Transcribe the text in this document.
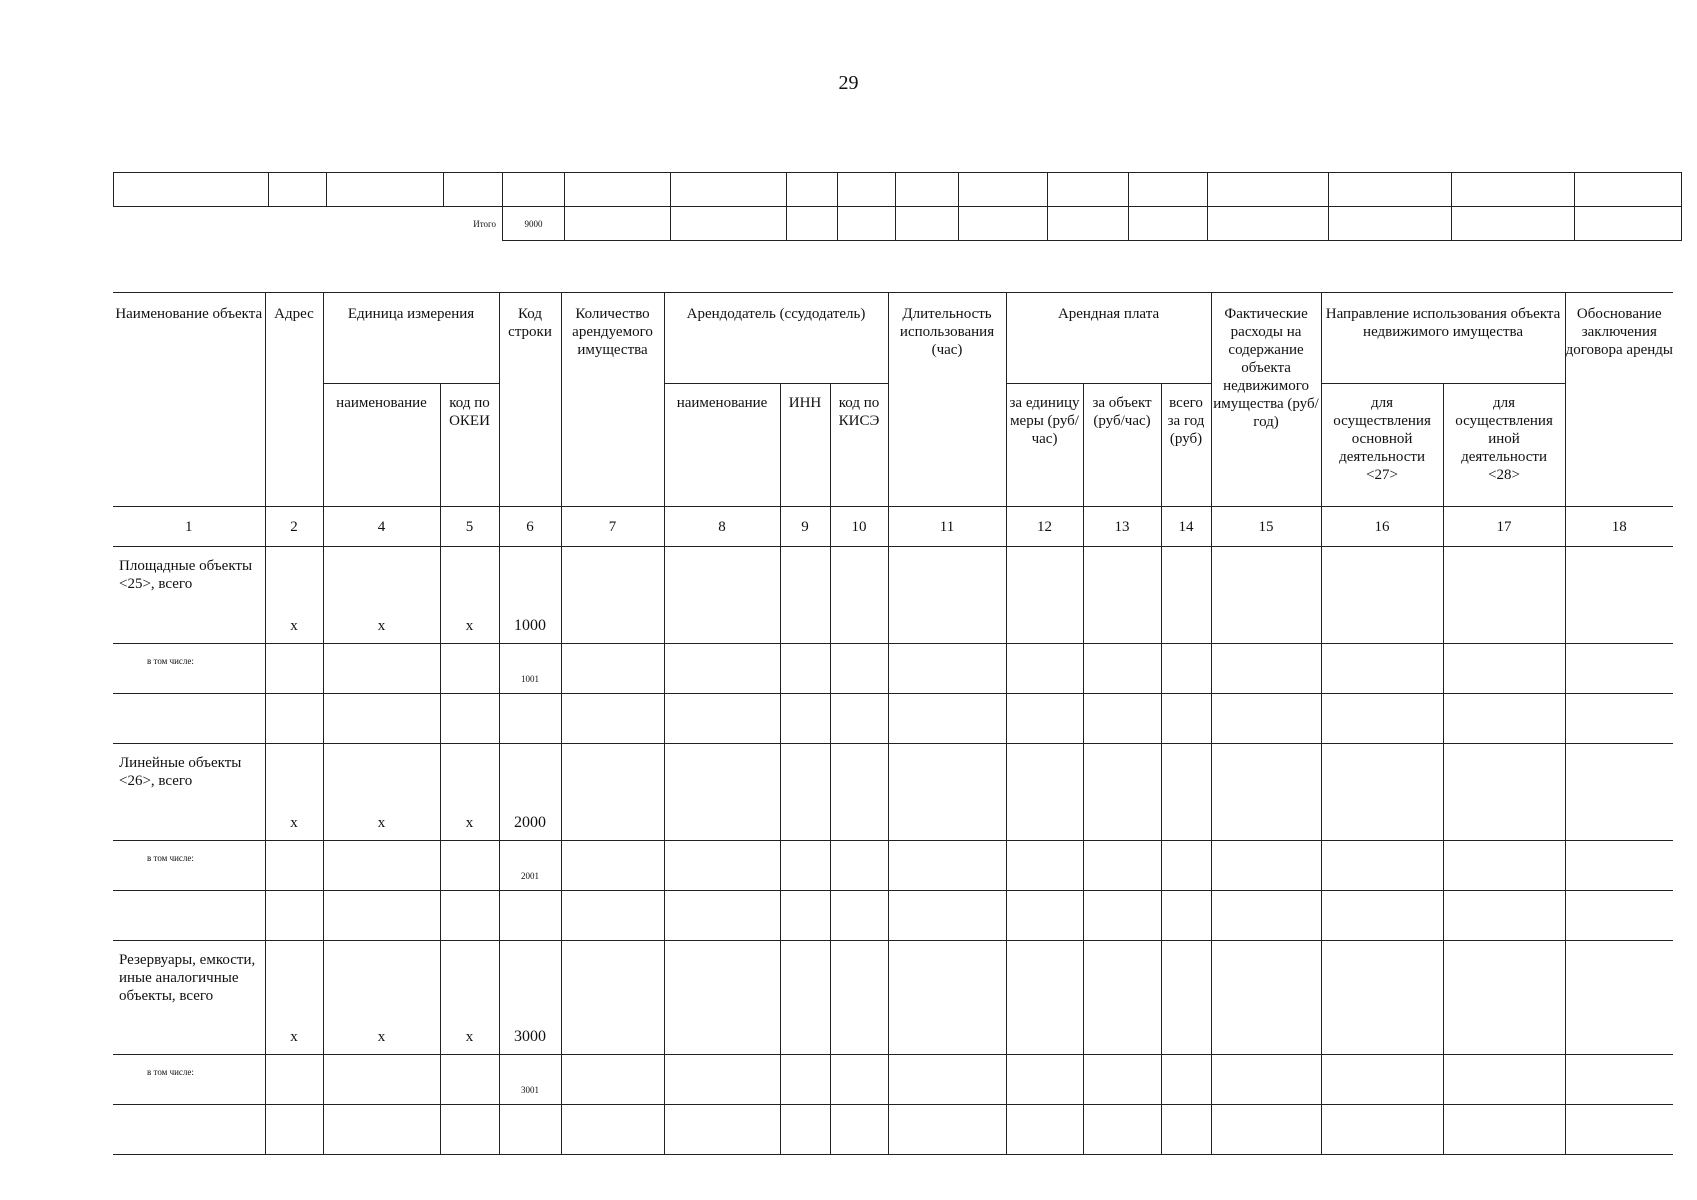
29

Итого				9000												
Наименование объекта	Адрес	Единица измерения		Код строки	Количество арендуемого имущества	Арендодатель (ссудодатель)			Длительность использования (час)	Арендная плата			Фактические расходы на содержание объекта недвижимого имущества (руб/год)	Направление использования объекта недвижимого имущества		Обоснование заключения договора аренды
		наименование	код по ОКЕИ			наименование	ИНН	код по КИСЭ		за единицу меры (руб/час)	за объект (руб/час)	всего за год (руб)		для осуществления основной деятельности <27>	для осуществления иной деятельности <28>	
1	2	4	5	6	7	8	9	10	11	12	13	14	15	16	17	18
Площадные объекты <25>, всего	x	x	x	1000												

в том числе:				1001												

Линейные объекты <26>, всего	x	x	x	2000												

в том числе:				2001												

Резервуары, емкости, иные аналогичные объекты, всего	x	x	x	3000												

в том числе:				3001												
